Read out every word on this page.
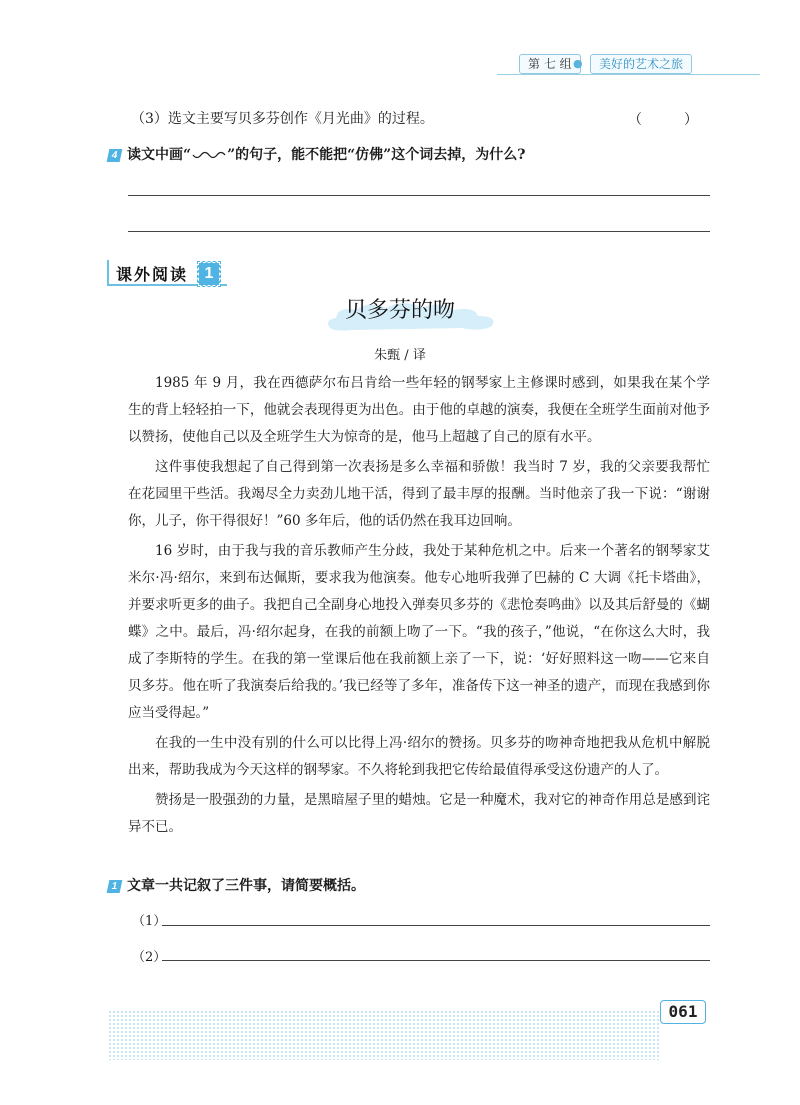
第 七 组 ●	美好的艺术之旅
（3）选文主要写贝多芬创作《月光曲》的过程。	（　　　）
4 读文中画“	”的句子，能不能把“仿佛”这个词去掉，为什么?
课外阅读	1
贝多芬的吻
朱甄 / 译

1985 年 9 月，我在西德萨尔布吕肯给一些年轻的钢琴家上主修课时感到，如果我在某个学生的背上轻轻拍一下，他就会表现得更为出色。由于他的卓越的演奏，我便在全班学生面前对他予以赞扬，使他自己以及全班学生大为惊奇的是，他马上超越了自己的原有水平。

这件事使我想起了自己得到第一次表扬是多么幸福和骄傲！我当时 7 岁，我的父亲要我帮忙在花园里干些活。我竭尽全力卖劲儿地干活，得到了最丰厚的报酬。当时他亲了我一下说：“谢谢你，儿子，你干得很好！”60 多年后，他的话仍然在我耳边回响。

16 岁时，由于我与我的音乐教师产生分歧，我处于某种危机之中。后来一个著名的钢琴家艾米尔·冯·绍尔，来到布达佩斯，要求我为他演奏。他专心地听我弹了巴赫的 C 大调《托卡塔曲》，并要求听更多的曲子。我把自己全副身心地投入弹奏贝多芬的《悲怆奏鸣曲》以及其后舒曼的《蝴蝶》之中。最后，冯·绍尔起身，在我的前额上吻了一下。“我的孩子，”他说，“在你这么大时，我成了李斯特的学生。在我的第一堂课后他在我前额上亲了一下，说：‘好好照料这一吻——它来自贝多芬。他在听了我演奏后给我的。’我已经等了多年，准备传下这一神圣的遗产，而现在我感到你应当受得起。”

在我的一生中没有别的什么可以比得上冯·绍尔的赞扬。贝多芬的吻神奇地把我从危机中解脱出来，帮助我成为今天这样的钢琴家。不久将轮到我把它传给最值得承受这份遗产的人了。

赞扬是一股强劲的力量，是黑暗屋子里的蜡烛。它是一种魔术，我对它的神奇作用总是感到诧异不已。

1 文章一共记叙了三件事，请简要概括。
（1）
（2）
061
